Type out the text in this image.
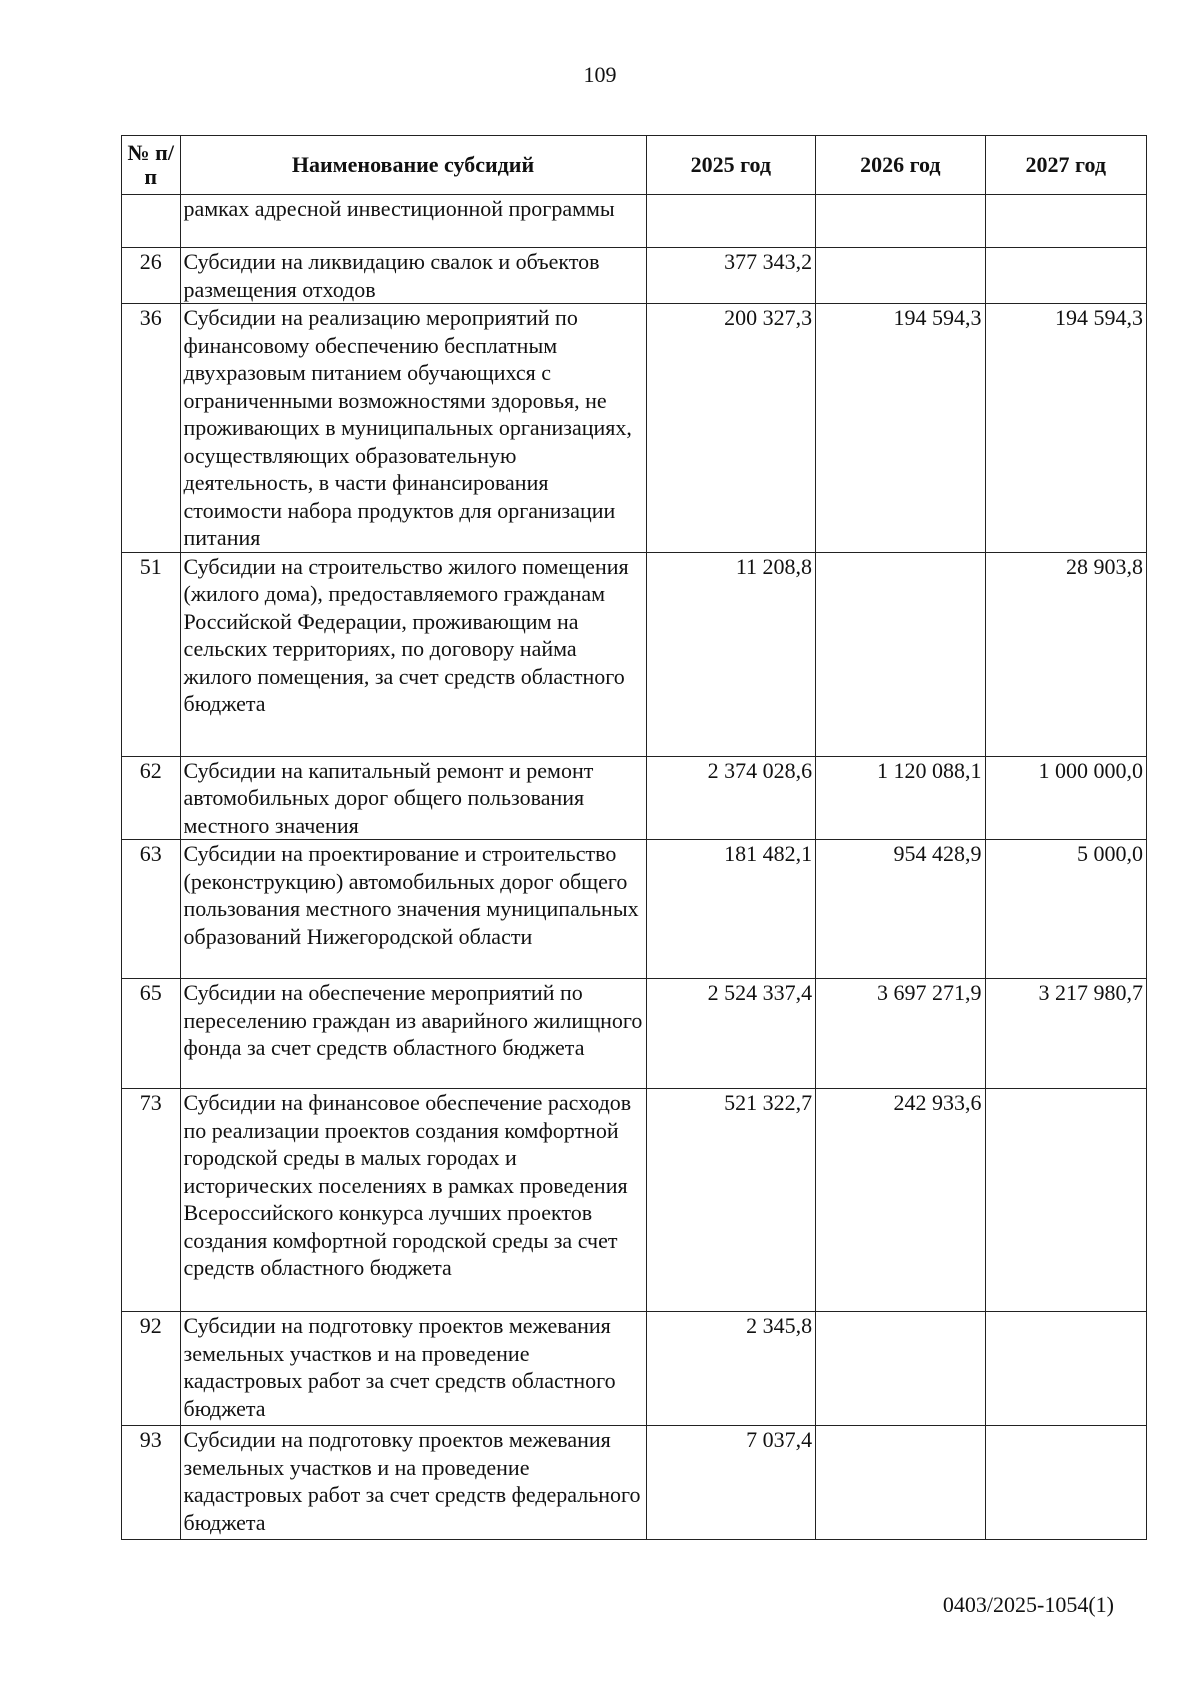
109
№ п/п	Наименование субсидий	2025 год	2026 год	2027 год
	рамках адресной инвестиционной программы			
26	Субсидии на ликвидацию свалок и объектов размещения отходов	377 343,2		
36	Субсидии на реализацию мероприятий по финансовому обеспечению бесплатным двухразовым питанием обучающихся с ограниченными возможностями здоровья, не проживающих в муниципальных организациях, осуществляющих образовательную деятельность, в части финансирования стоимости набора продуктов для организации питания	200 327,3	194 594,3	194 594,3
51	Субсидии на строительство жилого помещения (жилого дома), предоставляемого гражданам Российской Федерации, проживающим на сельских территориях, по договору найма жилого помещения, за счет средств областного бюджета	11 208,8		28 903,8
62	Субсидии на капитальный ремонт и ремонт автомобильных дорог общего пользования местного значения	2 374 028,6	1 120 088,1	1 000 000,0
63	Субсидии на проектирование и строительство (реконструкцию) автомобильных дорог общего пользования местного значения муниципальных образований Нижегородской области	181 482,1	954 428,9	5 000,0
65	Субсидии на обеспечение мероприятий по переселению граждан из аварийного жилищного фонда за счет средств областного бюджета	2 524 337,4	3 697 271,9	3 217 980,7
73	Субсидии на финансовое обеспечение расходов по реализации проектов создания комфортной городской среды в малых городах и исторических поселениях в рамках проведения Всероссийского конкурса лучших проектов создания комфортной городской среды за счет средств областного бюджета	521 322,7	242 933,6	
92	Субсидии на подготовку проектов межевания земельных участков и на проведение кадастровых работ за счет средств областного бюджета	2 345,8		
93	Субсидии на подготовку проектов межевания земельных участков и на проведение кадастровых работ за счет средств федерального бюджета	7 037,4		
0403/2025-1054(1)
